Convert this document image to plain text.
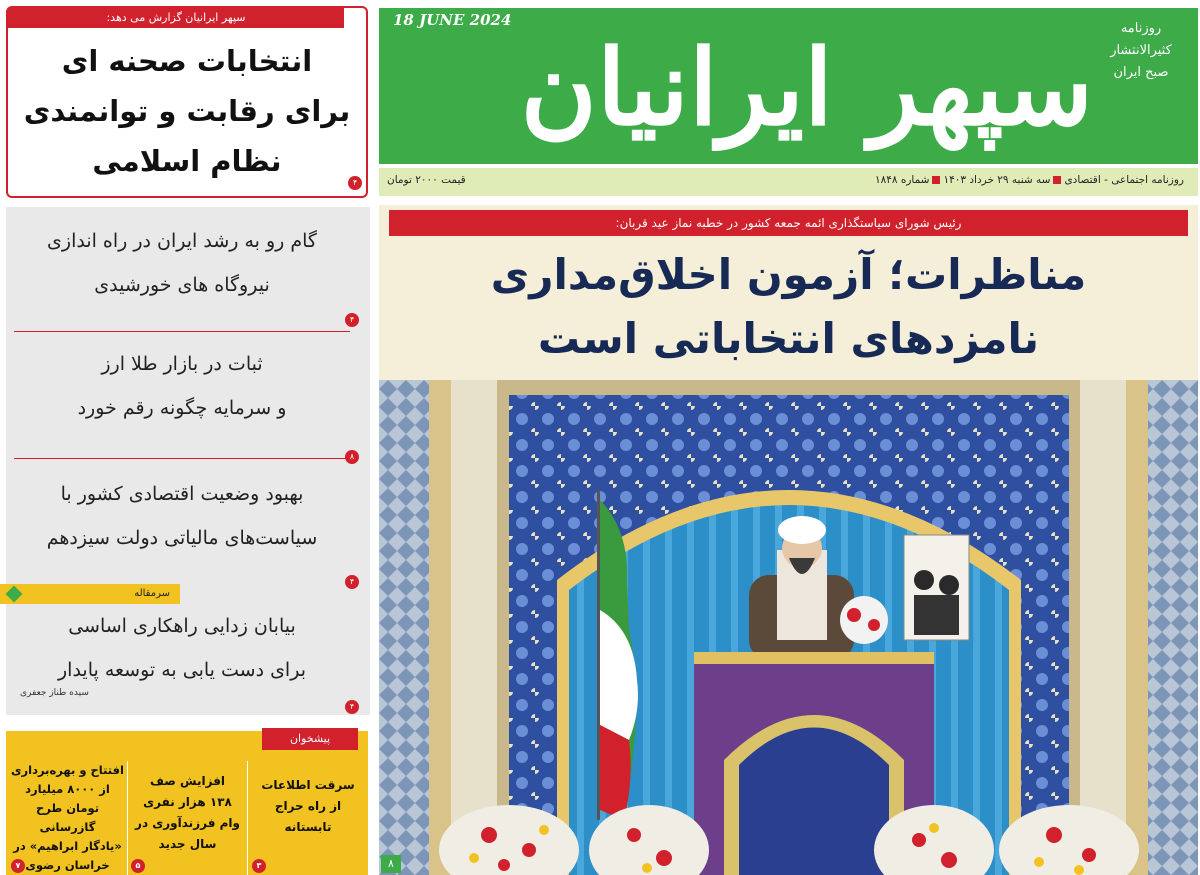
18 JUNE 2024
سپهر ایرانیان	روزنامه
کثیرالانتشار
صبح ایران
روزنامه اجتماعی - اقتصادیسه شنبه ۲۹ خرداد ۱۴۰۳شماره ۱۸۴۸
قیمت ۲۰۰۰ تومان
رئیس شورای سیاستگذاری ائمه جمعه کشور در خطبه نماز عید قربان:
مناظرات؛ آزمون اخلاق‌مداری
نامزدهای انتخاباتی است
۸
سپهر ایرانیان گزارش می دهد:
انتخابات صحنه ای
برای رقابت و توانمندی
نظام اسلامی
۴
گام رو به رشد ایران در راه اندازی
نیروگاه های خورشیدی
۴
ثبات در بازار طلا ارز
و سرمایه چگونه رقم خورد
۸
بهبود وضعیت اقتصادی کشور با
سیاست‌های مالیاتی دولت سیزدهم
۴
سرمقاله
بیابان زدایی راهکاری اساسی
برای دست یابی به توسعه پایدار
۴
سیده طناز جعفری
پیشخوان
سرقت اطلاعات
از راه حراج
تابستانه
۳
افزایش صف
۱۳۸ هزار نفری
وام فرزندآوری در
سال جدید
۵
افتتاح و بهره‌برداری
از ۸۰۰۰ میلیارد
تومان طرح
گازرسانی
«یادگار ابراهیم» در
خراسان رضوی
۷
